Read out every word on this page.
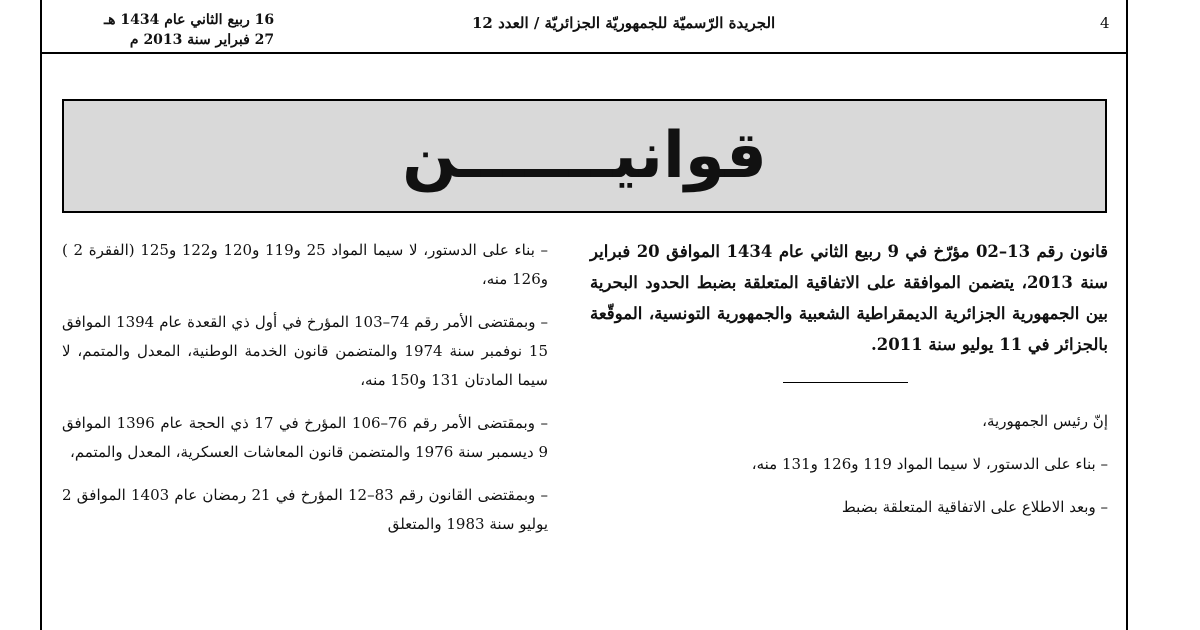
16 ربيع الثاني عام 1434 هـ
27 فبراير سنة 2013 م
الجريدة الرّسميّة للجمهوريّة الجزائريّة / العدد 12	4
قوانيـــــــن

قانون رقم 13–02 مؤرّخ في 9 ربيع الثاني عام 1434 الموافق 20 فبراير سنة 2013، يتضمن الموافقة على الاتفاقية المتعلقة بضبط الحدود البحرية بين الجمهورية الجزائرية الديمقراطية الشعبية والجمهورية التونسية، الموقّعة بالجزائر في 11 يوليو سنة 2011.

إنّ رئيس الجمهورية،

– بناء على الدستور، لا سيما المواد 119 و126 و131 منه،

– وبعد الاطلاع على الاتفاقية المتعلقة بضبط

– بناء على الدستور، لا سيما المواد 25 و119 و120 و122 و125 (الفقرة 2 ) و126 منه،

– وبمقتضى الأمر رقم 74–103 المؤرخ في أول ذي القعدة عام 1394 الموافق 15 نوفمبر سنة 1974 والمتضمن قانون الخدمة الوطنية، المعدل والمتمم، لا سيما المادتان 131 و150 منه،

– وبمقتضى الأمر رقم 76–106 المؤرخ في 17 ذي الحجة عام 1396 الموافق 9 ديسمبر سنة 1976 والمتضمن قانون المعاشات العسكرية، المعدل والمتمم،

– وبمقتضى القانون رقم 83–12 المؤرخ في 21 رمضان عام 1403 الموافق 2 يوليو سنة 1983 والمتعلق
